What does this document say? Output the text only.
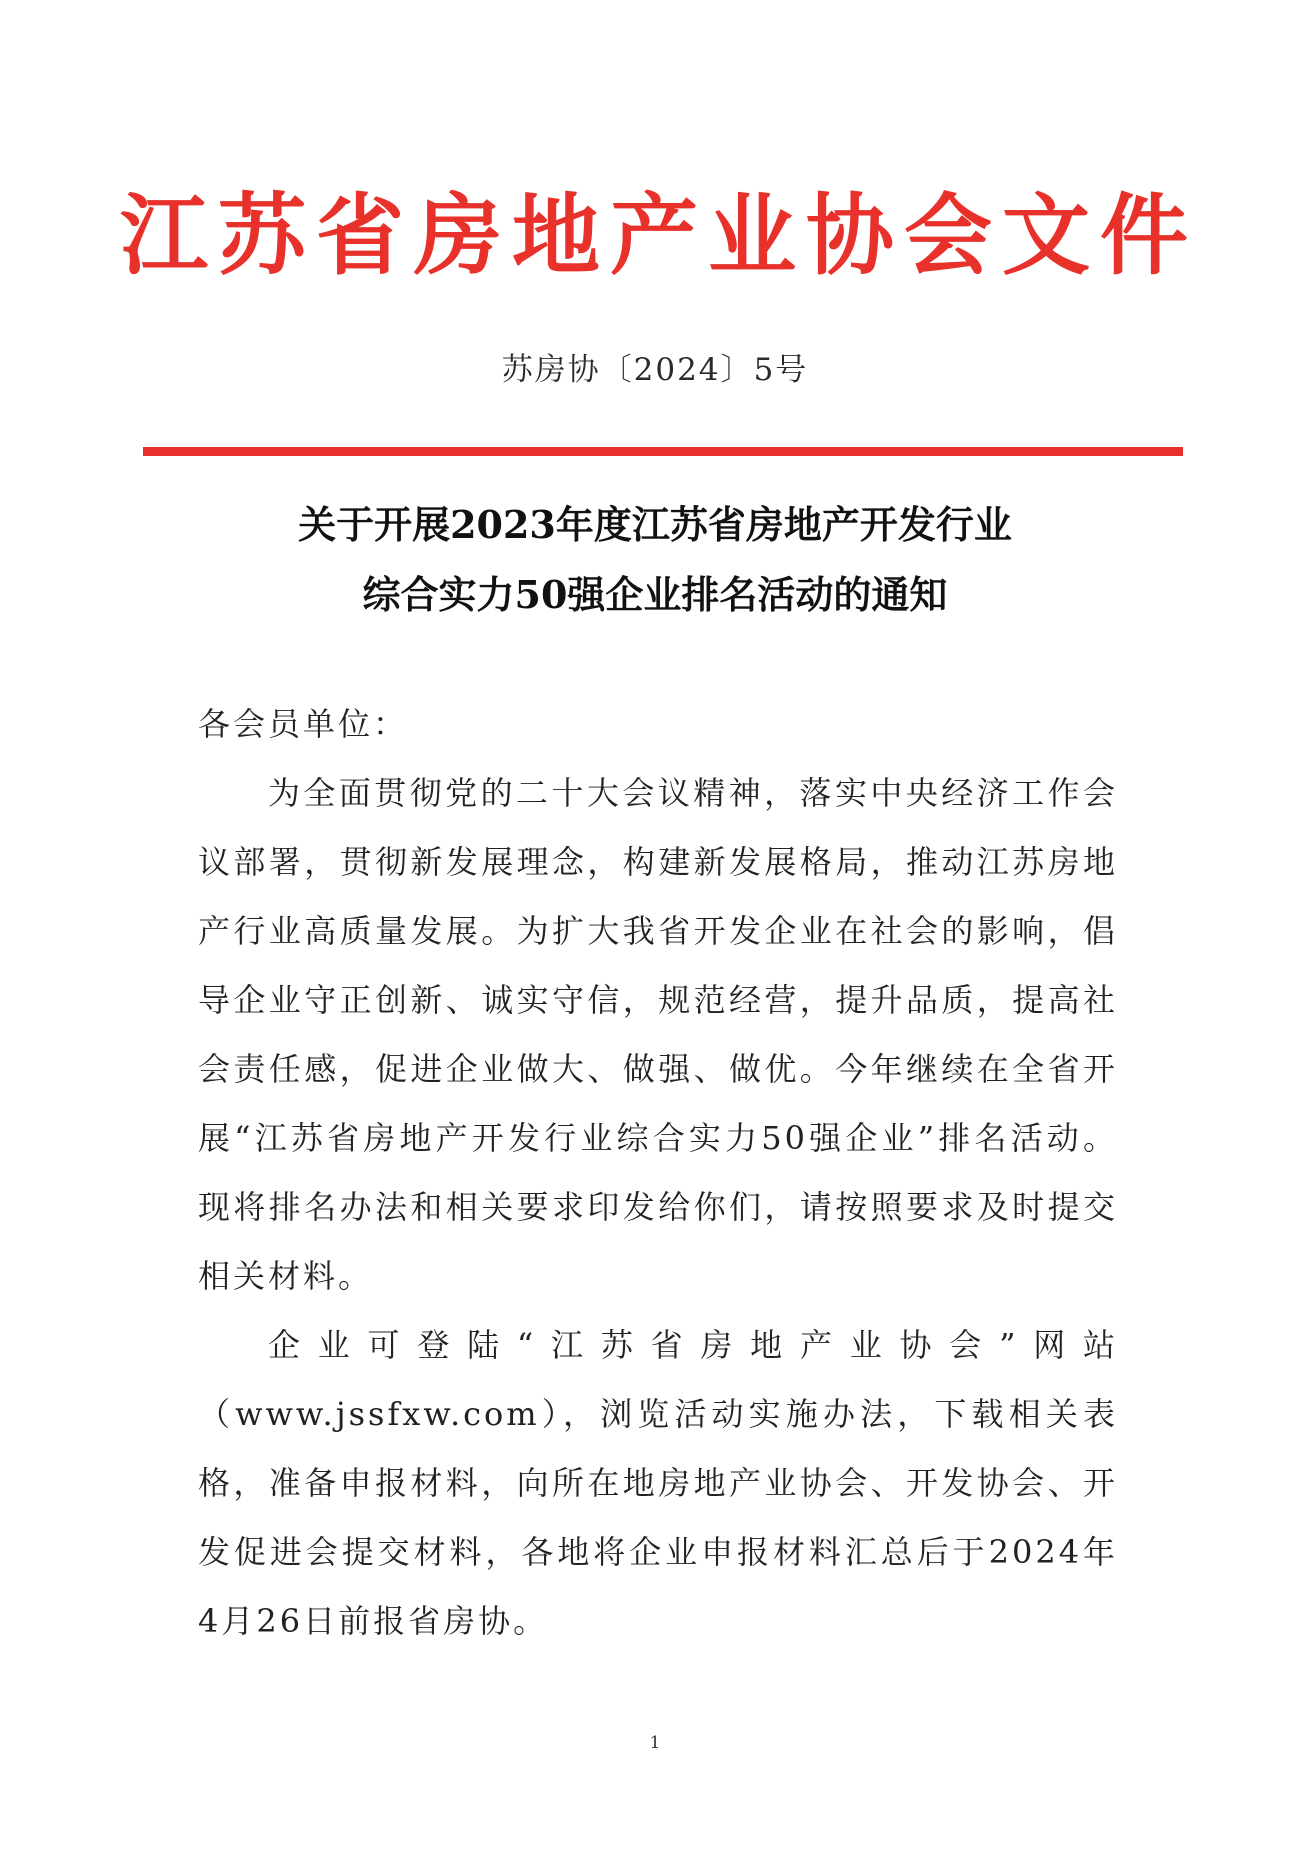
江苏省房地产业协会文件
苏房协〔2024〕5号
关于开展2023年度江苏省房地产开发行业
综合实力50强企业排名活动的通知

各会员单位：

为全面贯彻党的二十大会议精神，落实中央经济工作会议部署，贯彻新发展理念，构建新发展格局，推动江苏房地产行业高质量发展。为扩大我省开发企业在社会的影响，倡导企业守正创新、诚实守信，规范经营，提升品质，提高社会责任感，促进企业做大、做强、做优。今年继续在全省开展“江苏省房地产开发行业综合实力50强企业”排名活动。现将排名办法和相关要求印发给你们，请按照要求及时提交相关材料。

企业可登陆“江苏省房地产业协会”网站（www.jssfxw.com），浏览活动实施办法，下载相关表格，准备申报材料，向所在地房地产业协会、开发协会、开发促进会提交材料，各地将企业申报材料汇总后于2024年4月26日前报省房协。

1
